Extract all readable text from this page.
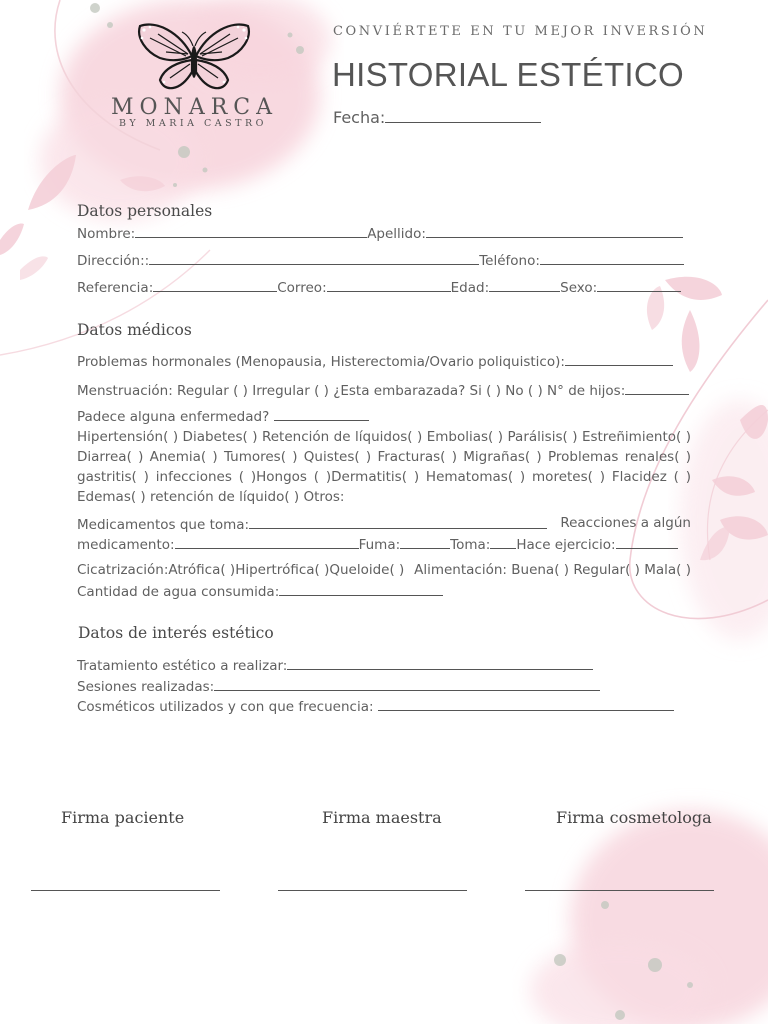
MONARCA
BY MARIA CASTRO
CONVIÉRTETE EN TU MEJOR INVERSIÓN
HISTORIAL ESTÉTICO
Fecha:
Datos personales
Nombre:	Apellido:
Dirección::	Teléfono:
Referencia:	Correo:	Edad:	Sexo:
Datos médicos
Problemas hormonales (Menopausia, Histerectomia/Ovario poliquistico):
Menstruación: Regular ( ) Irregular ( ) ¿Esta embarazada? Si ( ) No ( ) N° de hijos:
Padece alguna enfermedad?
Hipertensión( ) Diabetes( ) Retención de líquidos( ) Embolias( ) Parálisis( ) Estreñimiento( )
Diarrea( ) Anemia( ) Tumores( ) Quistes( ) Fracturas( ) Migrañas( ) Problemas renales( )
gastritis( ) infecciones ( )Hongos ( )Dermatitis( ) Hematomas( ) moretes( ) Flacidez ( )
Edemas( ) retención de líquido( ) Otros:
Medicamentos que toma:	Reacciones a algún
medicamento:	Fuma:	Toma: Hace ejercicio:
Cicatrización:Atrófica( )Hipertrófica( )Queloide( ) Alimentación: Buena( ) Regular( ) Mala( )
Cantidad de agua consumida:
Datos de interés estético
Tratamiento estético a realizar:
Sesiones realizadas:
Cosméticos utilizados y con que frecuencia:
Firma paciente	Firma maestra	Firma cosmetologa
